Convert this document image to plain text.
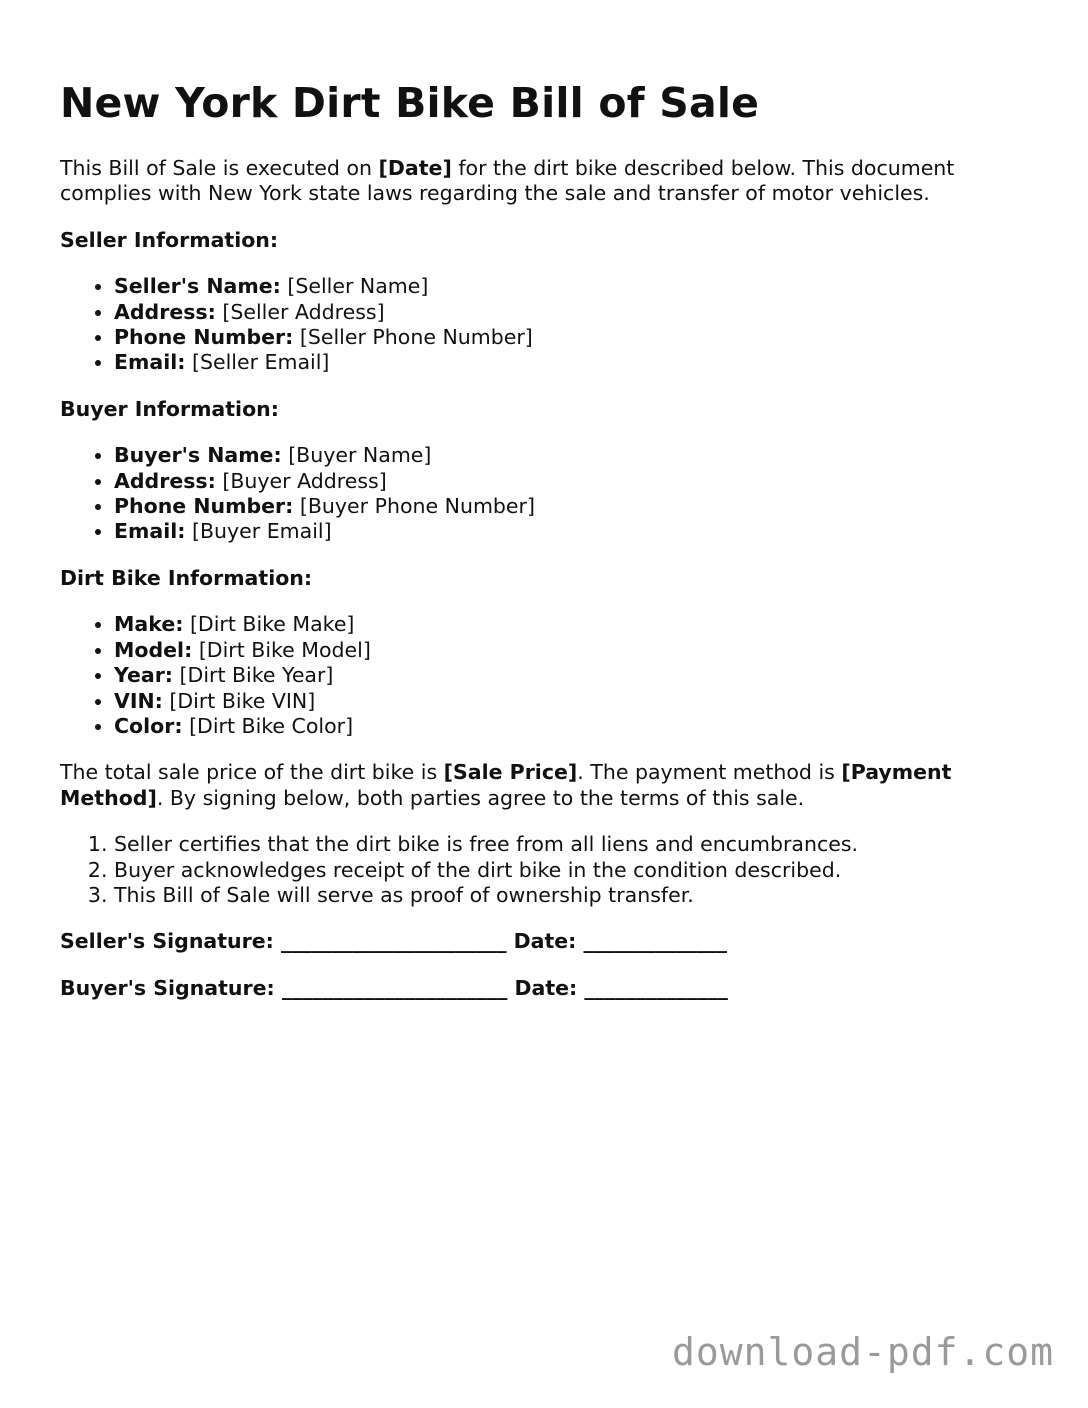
New York Dirt Bike Bill of Sale

This Bill of Sale is executed on [Date] for the dirt bike described below. This document complies with New York state laws regarding the sale and transfer of motor vehicles.

Seller Information:

• Seller's Name: [Seller Name]
• Address: [Seller Address]
• Phone Number: [Seller Phone Number]
• Email: [Seller Email]

Buyer Information:

• Buyer's Name: [Buyer Name]
• Address: [Buyer Address]
• Phone Number: [Buyer Phone Number]
• Email: [Buyer Email]

Dirt Bike Information:

• Make: [Dirt Bike Make]
• Model: [Dirt Bike Model]
• Year: [Dirt Bike Year]
• VIN: [Dirt Bike VIN]
• Color: [Dirt Bike Color]

The total sale price of the dirt bike is [Sale Price]. The payment method is [Payment Method]. By signing below, both parties agree to the terms of this sale.

1. Seller certifies that the dirt bike is free from all liens and encumbrances.
2. Buyer acknowledges receipt of the dirt bike in the condition described.
3. This Bill of Sale will serve as proof of ownership transfer.

Seller's Signature: ______________________ Date: ______________

Buyer's Signature: ______________________ Date: ______________

download-pdf.com
